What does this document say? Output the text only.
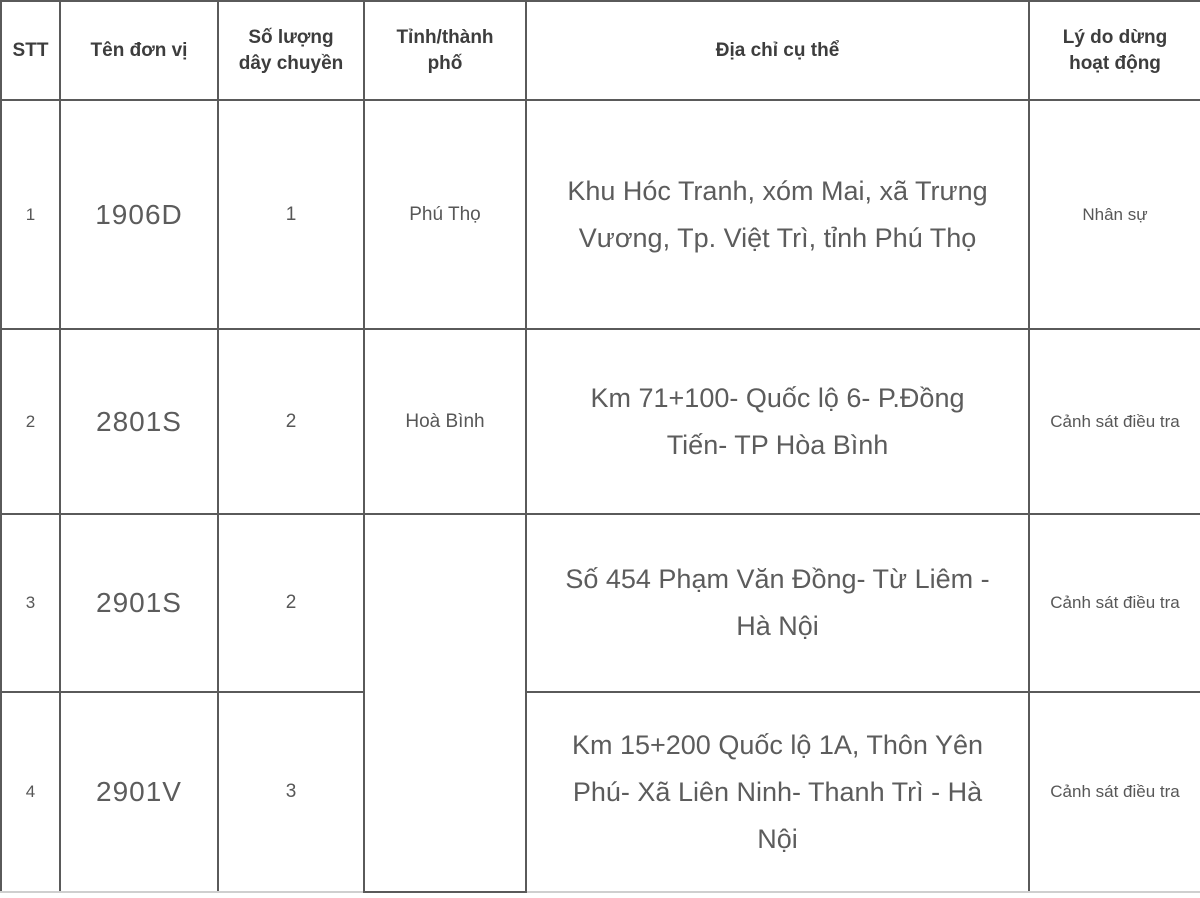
STT	Tên đơn vị	Số lượng dây chuyền	Tỉnh/thành phố	Địa chỉ cụ thể	Lý do dừng hoạt động
1	1906D	1	Phú Thọ	Khu Hóc Tranh, xóm Mai, xã Trưng Vương, Tp. Việt Trì, tỉnh Phú Thọ	Nhân sự

2	2801S	2	Hoà Bình	Km 71+100- Quốc lộ 6- P.Đồng Tiến- TP Hòa Bình	Cảnh sát điều tra

3	2901S	2		Số 454 Phạm Văn Đồng- Từ Liêm - Hà Nội	Cảnh sát điều tra

4	2901V	3		Km 15+200 Quốc lộ 1A, Thôn Yên Phú- Xã Liên Ninh- Thanh Trì - Hà Nội	Cảnh sát điều tra
